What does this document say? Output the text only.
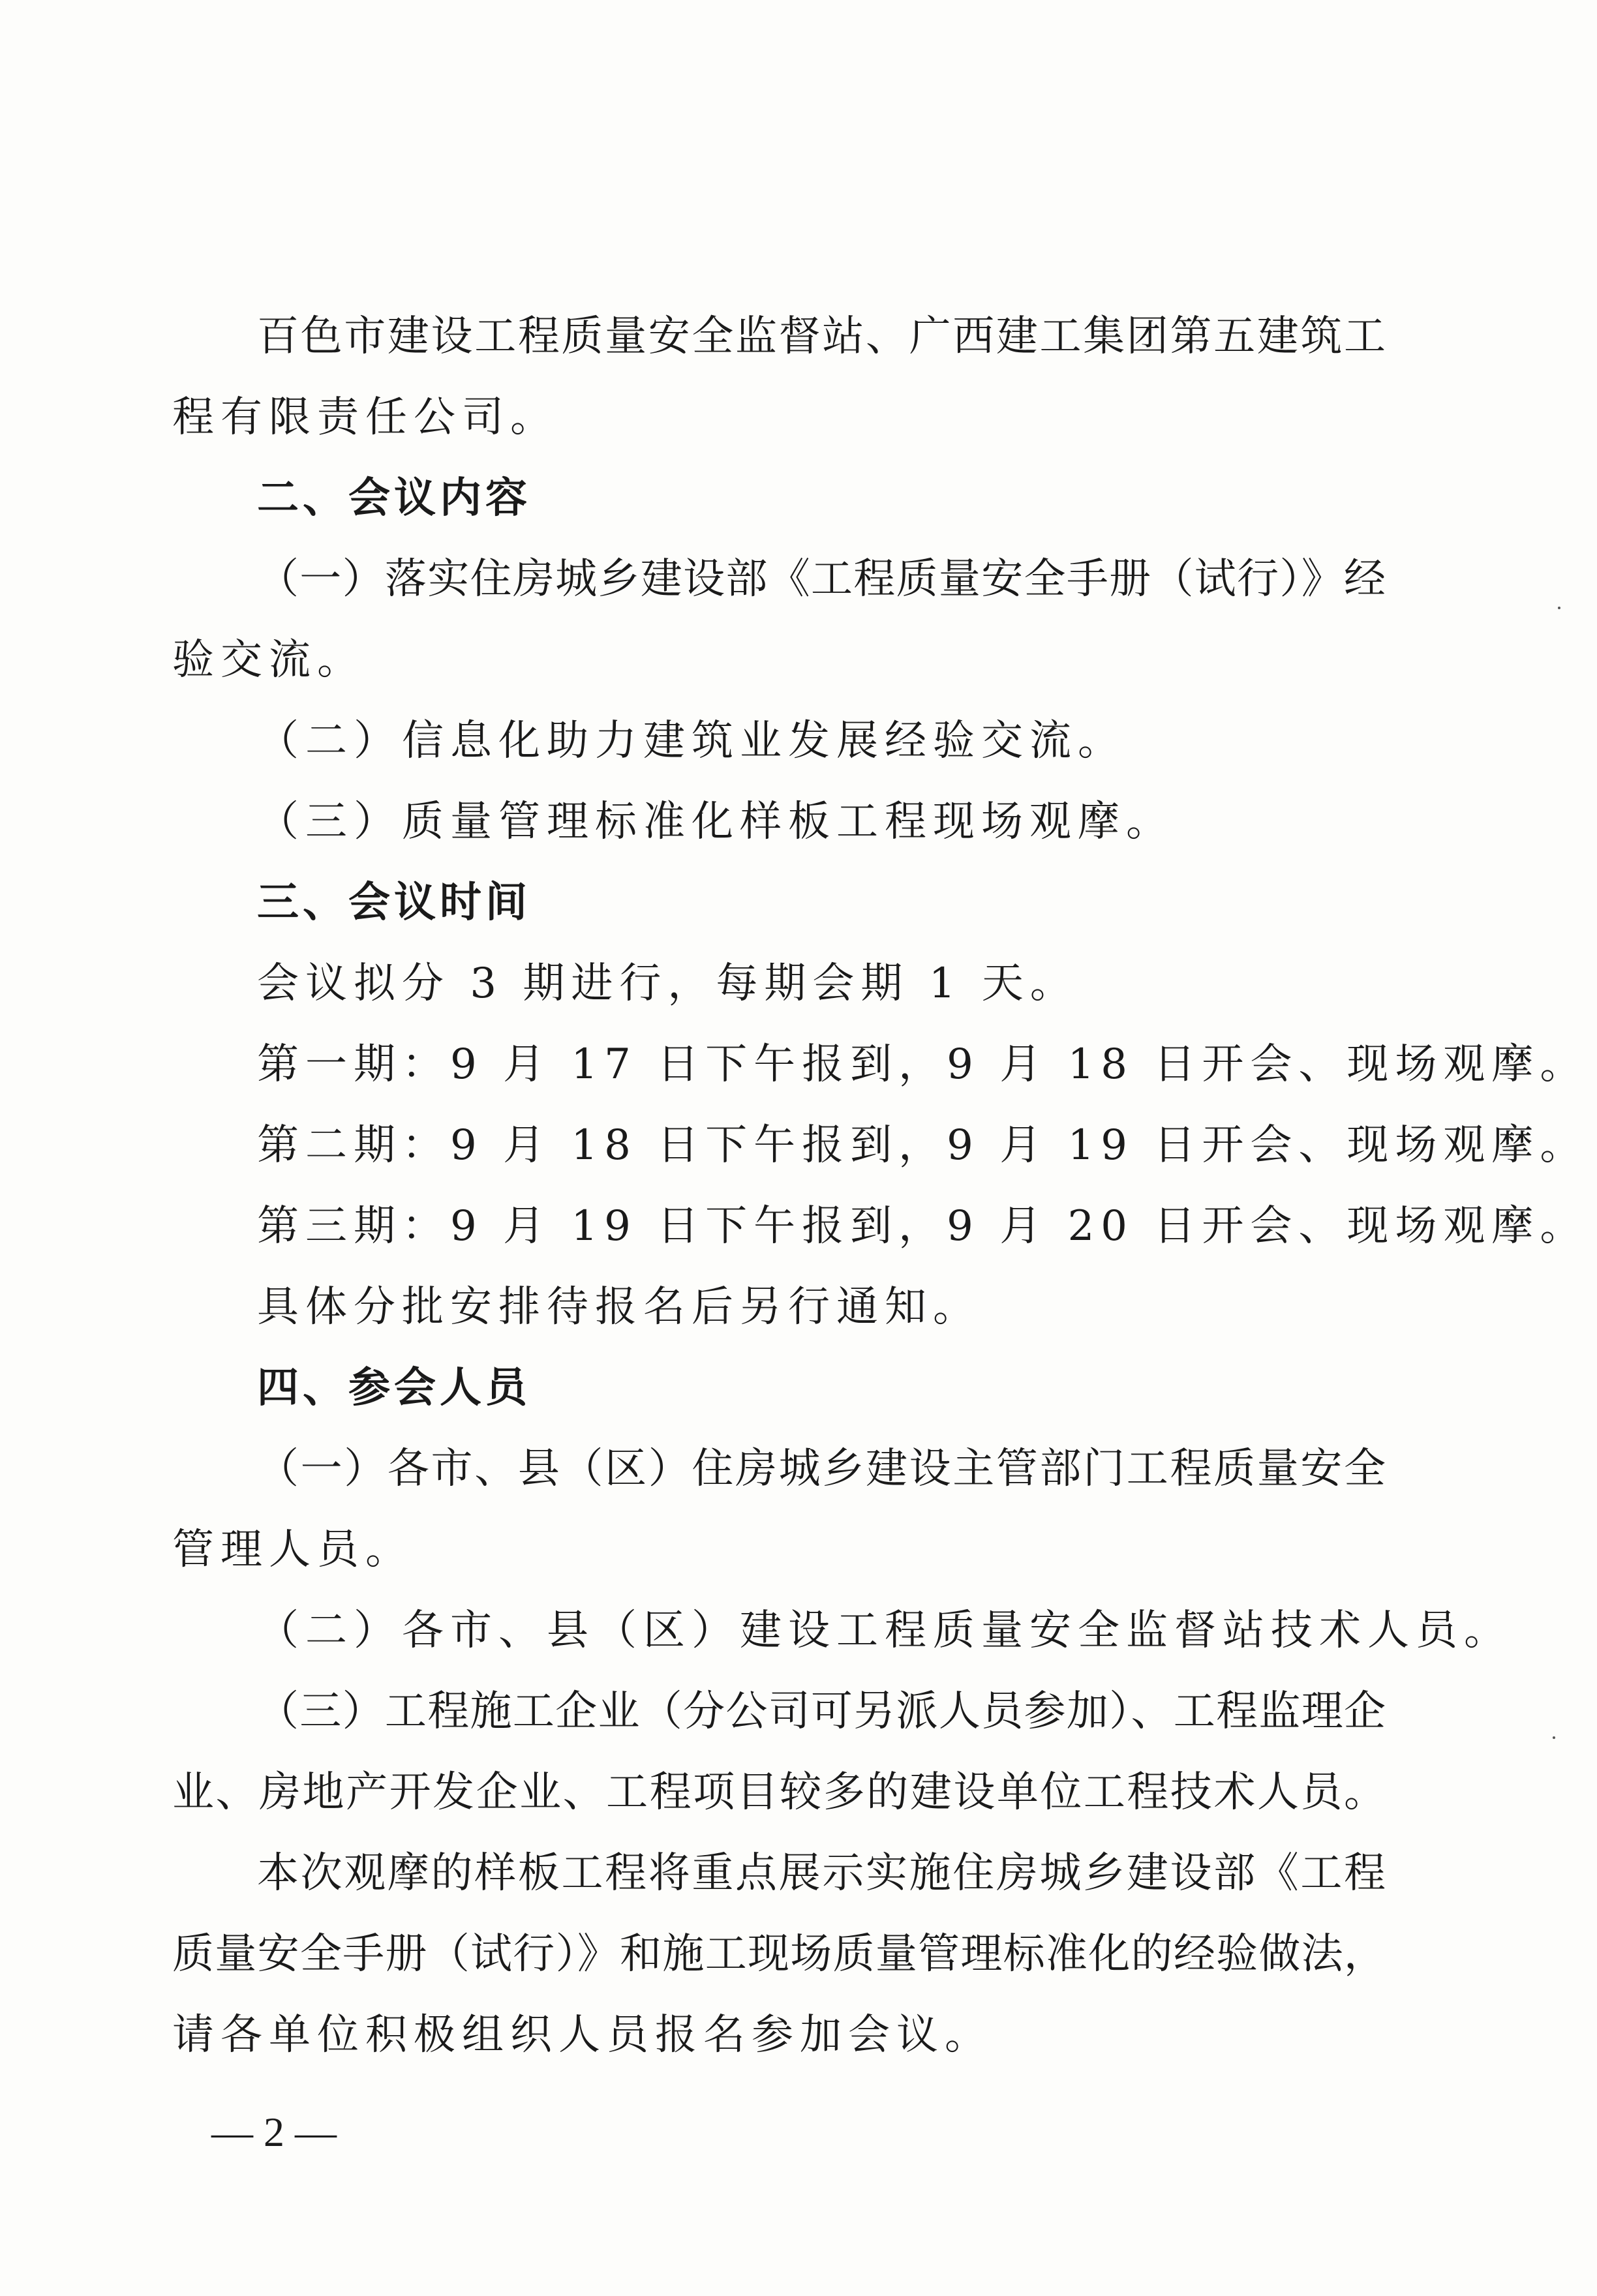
百色市建设工程质量安全监督站、广西建工集团第五建筑工
程有限责任公司。
二、会议内容
（一）落实住房城乡建设部《工程质量安全手册（试行）》经
验交流。
（二）信息化助力建筑业发展经验交流。
（三）质量管理标准化样板工程现场观摩。
三、会议时间
会议拟分 3 期进行，每期会期 1 天。
第一期：9 月 17 日下午报到，9 月 18 日开会、现场观摩。
第二期：9 月 18 日下午报到，9 月 19 日开会、现场观摩。
第三期：9 月 19 日下午报到，9 月 20 日开会、现场观摩。
具体分批安排待报名后另行通知。
四、参会人员
（一）各市、县（区）住房城乡建设主管部门工程质量安全
管理人员。
（二）各市、县（区）建设工程质量安全监督站技术人员。
（三）工程施工企业（分公司可另派人员参加）、工程监理企
业、房地产开发企业、工程项目较多的建设单位工程技术人员。
本次观摩的样板工程将重点展示实施住房城乡建设部《工程
质量安全手册（试行）》和施工现场质量管理标准化的经验做法，
请各单位积极组织人员报名参加会议。
— 2 —
